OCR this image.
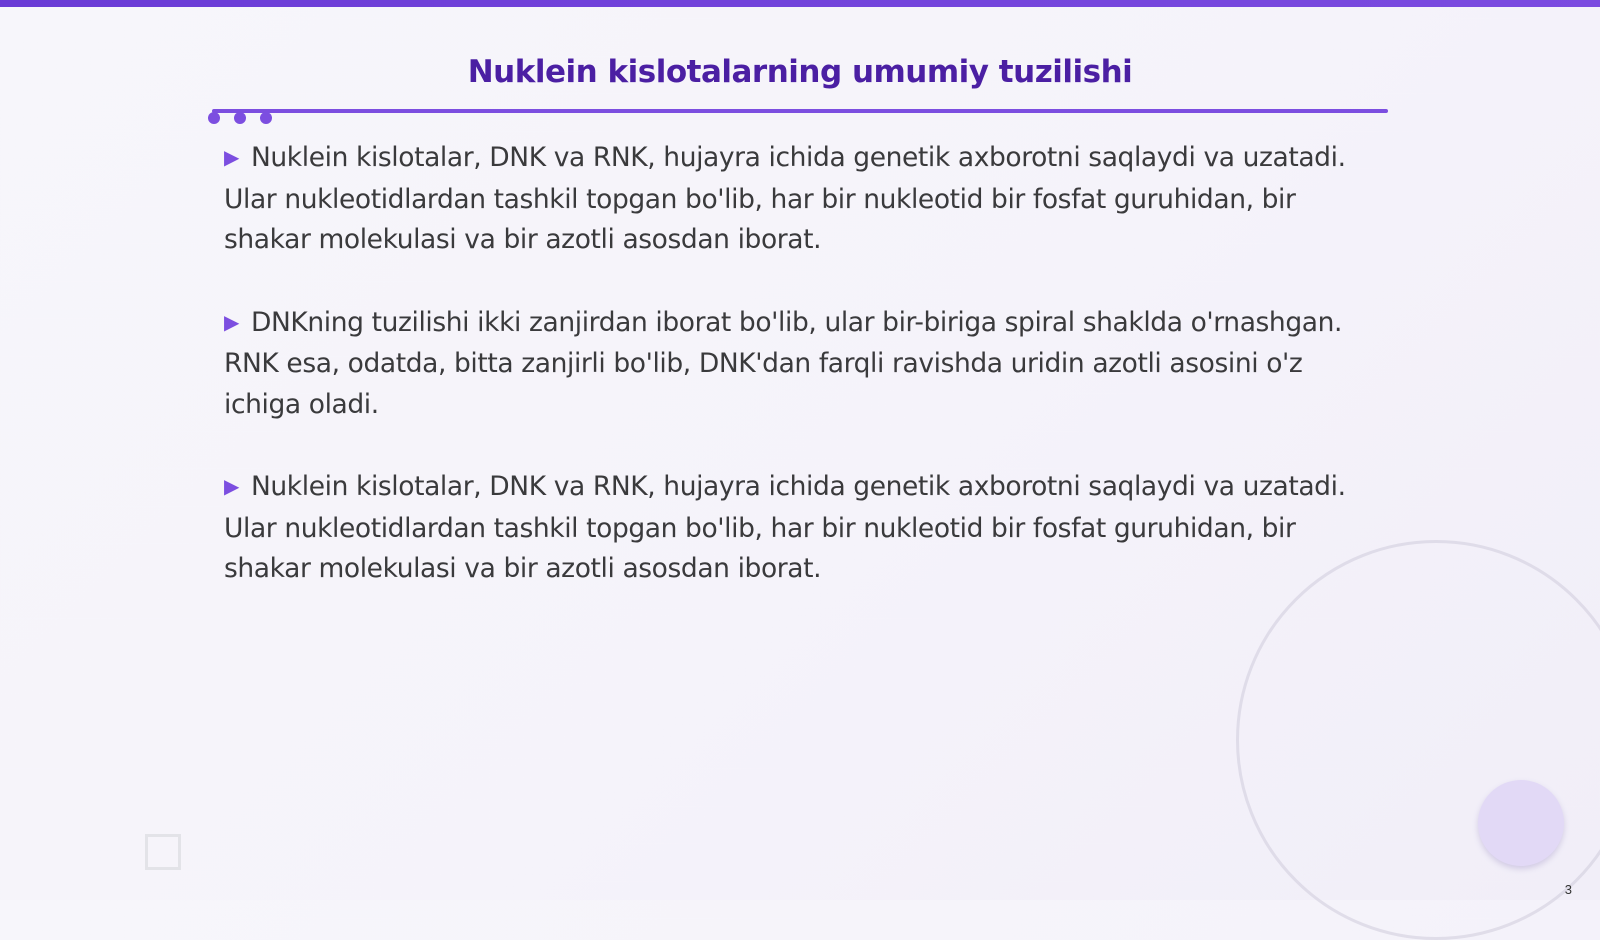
Nuklein kislotalarning umumiy tuzilishi

▶ Nuklein kislotalar, DNK va RNK, hujayra ichida genetik axborotni saqlaydi va uzatadi. Ular nukleotidlardan tashkil topgan bo'lib, har bir nukleotid bir fosfat guruhidan, bir shakar molekulasi va bir azotli asosdan iborat.

▶ DNKning tuzilishi ikki zanjirdan iborat bo'lib, ular bir-biriga spiral shaklda o'rnashgan. RNK esa, odatda, bitta zanjirli bo'lib, DNK'dan farqli ravishda uridin azotli asosini o'z ichiga oladi.

▶ Nuklein kislotalar, DNK va RNK, hujayra ichida genetik axborotni saqlaydi va uzatadi. Ular nukleotidlardan tashkil topgan bo'lib, har bir nukleotid bir fosfat guruhidan, bir shakar molekulasi va bir azotli asosdan iborat.

3
